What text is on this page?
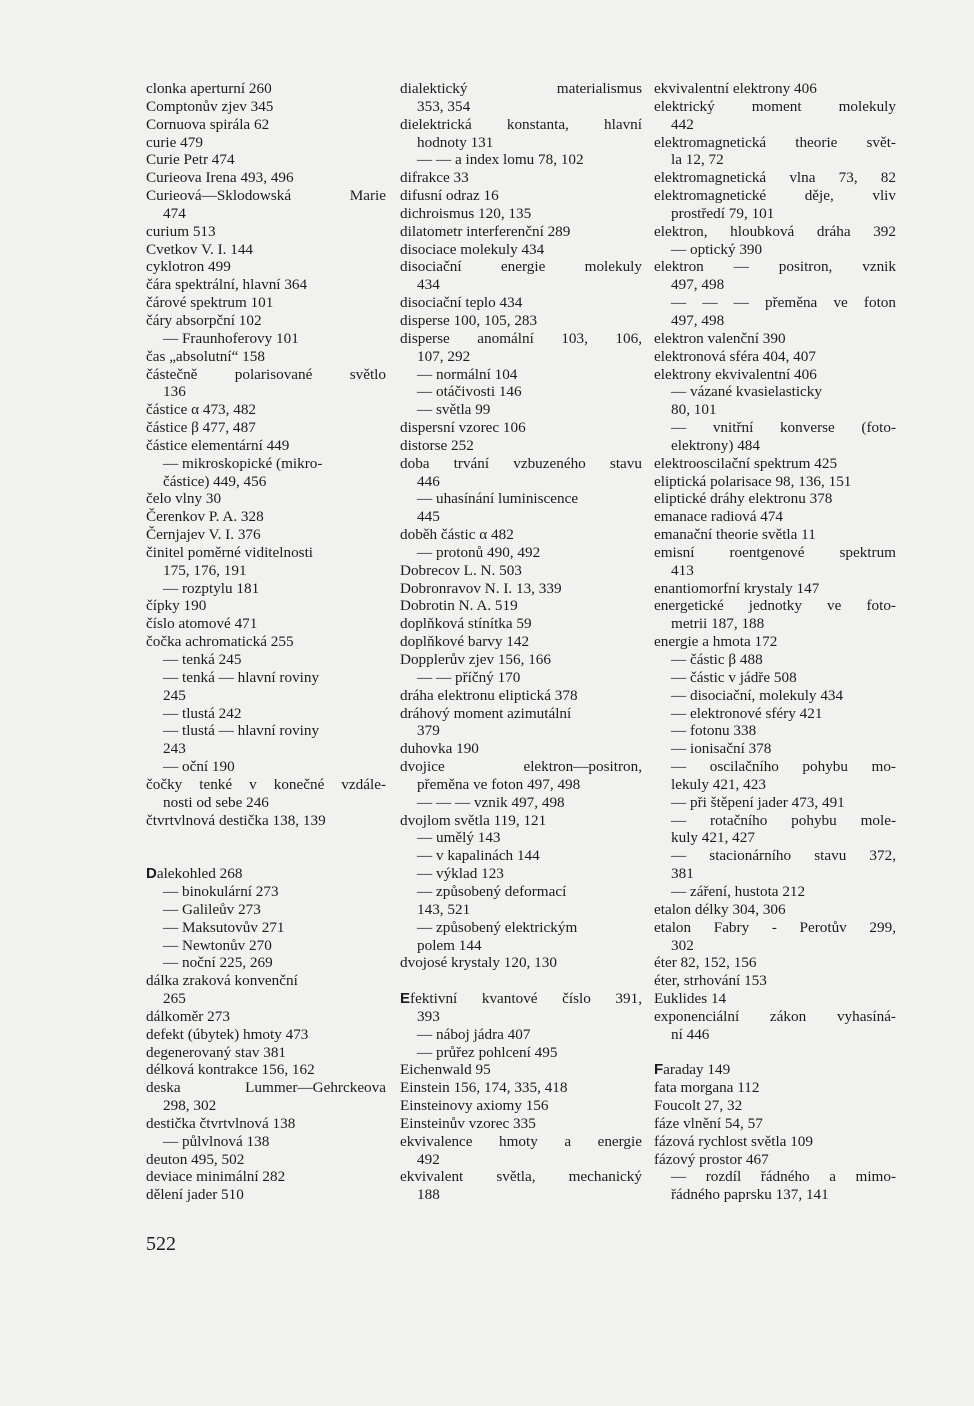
clonka aperturní 260
Comptonův zjev 345
Cornuova spirála 62
curie 479
Curie Petr 474
Curieova Irena 493, 496
Curieová—Sklodowská Marie
474
curium 513
Cvetkov V. I. 144
cyklotron 499
čára spektrální, hlavní 364
čárové spektrum 101
čáry absorpční 102
— Fraunhoferovy 101
čas „absolutní“ 158
částečně polarisované světlo
136
částice α 473, 482
částice β 477, 487
částice elementární 449
— mikroskopické (mikro-
částice) 449, 456
čelo vlny 30
Čerenkov P. A. 328
Černjajev V. I. 376
činitel poměrné viditelnosti
175, 176, 191
— rozptylu 181
čípky 190
číslo atomové 471
čočka achromatická 255
— tenká 245
— tenká — hlavní roviny
245
— tlustá 242
— tlustá — hlavní roviny
243
— oční 190
čočky tenké v konečné vzdále-
nosti od sebe 246
čtvrtvlnová destička 138, 139
Dalekohled 268
— binokulární 273
— Galileův 273
— Maksutovův 271
— Newtonův 270
— noční 225, 269
dálka zraková konvenční
265
dálkoměr 273
defekt (úbytek) hmoty 473
degenerovaný stav 381
délková kontrakce 156, 162
deska Lummer—Gehrckeova
298, 302
destička čtvrtvlnová 138
— půlvlnová 138
deuton 495, 502
deviace minimální 282
dělení jader 510
dialektický materialismus
353, 354
dielektrická konstanta, hlavní
hodnoty 131
— — a index lomu 78, 102
difrakce 33
difusní odraz 16
dichroismus 120, 135
dilatometr interferenční 289
disociace molekuly 434
disociační energie molekuly
434
disociační teplo 434
disperse 100, 105, 283
disperse anomální 103, 106,
107, 292
— normální 104
— otáčivosti 146
— světla 99
dispersní vzorec 106
distorse 252
doba trvání vzbuzeného stavu
446
— uhasínání luminiscence
445
doběh částic α 482
— protonů 490, 492
Dobrecov L. N. 503
Dobronravov N. I. 13, 339
Dobrotin N. A. 519
doplňková stínítka 59
doplňkové barvy 142
Dopplerův zjev 156, 166
— — příčný 170
dráha elektronu eliptická 378
dráhový moment azimutální
379
duhovka 190
dvojice elektron—positron,
přeměna ve foton 497, 498
— — — vznik 497, 498
dvojlom světla 119, 121
— umělý 143
— v kapalinách 144
— výklad 123
— způsobený deformací
143, 521
— způsobený elektrickým
polem 144
dvojosé krystaly 120, 130
Efektivní kvantové číslo 391,
393
— náboj jádra 407
— průřez pohlcení 495
Eichenwald 95
Einstein 156, 174, 335, 418
Einsteinovy axiomy 156
Einsteinův vzorec 335
ekvivalence hmoty a energie
492
ekvivalent světla, mechanický
188
ekvivalentní elektrony 406
elektrický moment molekuly
442
elektromagnetická theorie svět-
la 12, 72
elektromagnetická vlna 73, 82
elektromagnetické děje, vliv
prostředí 79, 101
elektron, hloubková dráha 392
— optický 390
elektron — positron, vznik
497, 498
— — — přeměna ve foton
497, 498
elektron valenční 390
elektronová sféra 404, 407
elektrony ekvivalentní 406
— vázané kvasielasticky
80, 101
— vnitřní konverse (foto-
elektrony) 484
elektrooscilační spektrum 425
eliptická polarisace 98, 136, 151
eliptické dráhy elektronu 378
emanace radiová 474
emanační theorie světla 11
emisní roentgenové spektrum
413
enantiomorfní krystaly 147
energetické jednotky ve foto-
metrii 187, 188
energie a hmota 172
— částic β 488
— částic v jádře 508
— disociační, molekuly 434
— elektronové sféry 421
— fotonu 338
— ionisační 378
— oscilačního pohybu mo-
lekuly 421, 423
— při štěpení jader 473, 491
— rotačního pohybu mole-
kuly 421, 427
— stacionárního stavu 372,
381
— záření, hustota 212
etalon délky 304, 306
etalon Fabry - Perotův 299,
302
éter 82, 152, 156
éter, strhování 153
Euklides 14
exponenciální zákon vyhasíná-
ní 446
Faraday 149
fata morgana 112
Foucolt 27, 32
fáze vlnění 54, 57
fázová rychlost světla 109
fázový prostor 467
— rozdíl řádného a mimo-
řádného paprsku 137, 141
522
